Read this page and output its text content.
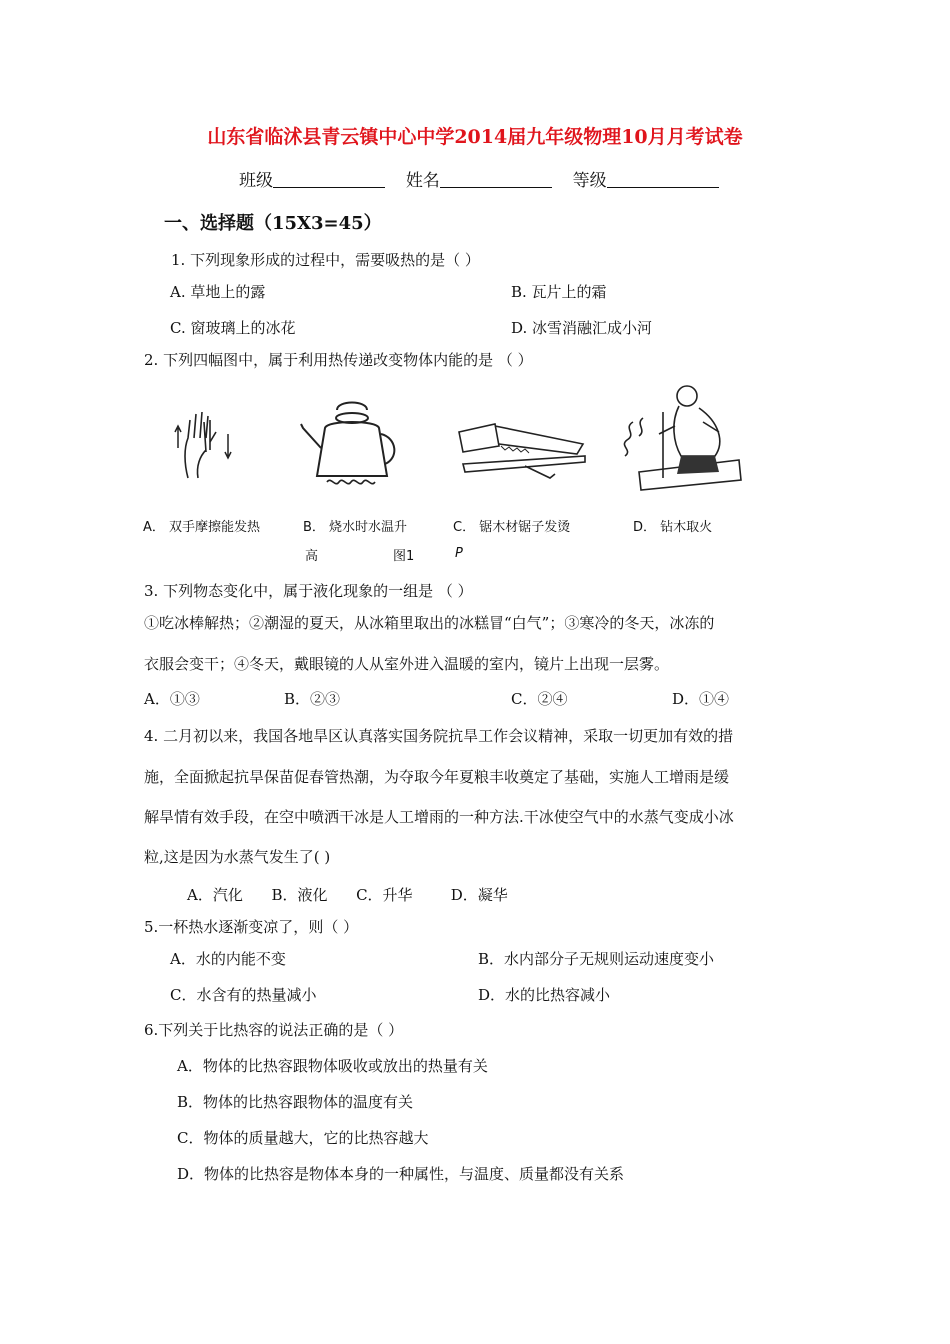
山东省临沭县青云镇中心中学2014届九年级物理10月月考试卷
班级	姓名	等级
一、选择题（15X3=45）
1. 下列现象形成的过程中，需要吸热的是（ ）
A. 草地上的露	B. 瓦片上的霜
C. 窗玻璃上的冰花	D. 冰雪消融汇成小河
2. 下列四幅图中，属于利用热传递改变物体内能的是 （ ）
A． 双手摩擦能发热	B． 烧水时水温升
高	图1
C． 锯木材锯子发烫
P
D． 钻木取火
3. 下列物态变化中，属于液化现象的一组是 （ ）
①吃冰棒解热；②潮湿的夏天，从冰箱里取出的冰糕冒“白气”；③寒冷的冬天，冰冻的
衣服会变干；④冬天，戴眼镜的人从室外进入温暖的室内，镜片上出现一层雾。
A．①③	B．②③	C．②④	D．①④
4. 二月初以来，我国各地旱区认真落实国务院抗旱工作会议精神，采取一切更加有效的措
施，全面掀起抗旱保苗促春管热潮，为夺取今年夏粮丰收奠定了基础，实施人工增雨是缓
解旱情有效手段，在空中喷洒干冰是人工增雨的一种方法.干冰使空气中的水蒸气变成小冰
粒,这是因为水蒸气发生了( )
A．汽化      B．液化      C．升华        D．凝华
5.一杯热水逐渐变凉了，则（ ）
A．水的内能不变	B．水内部分子无规则运动速度变小
C．水含有的热量减小	D．水的比热容减小
6.下列关于比热容的说法正确的是（ ）
A．物体的比热容跟物体吸收或放出的热量有关
B．物体的比热容跟物体的温度有关
C．物体的质量越大，它的比热容越大
D．物体的比热容是物体本身的一种属性，与温度、质量都没有关系
